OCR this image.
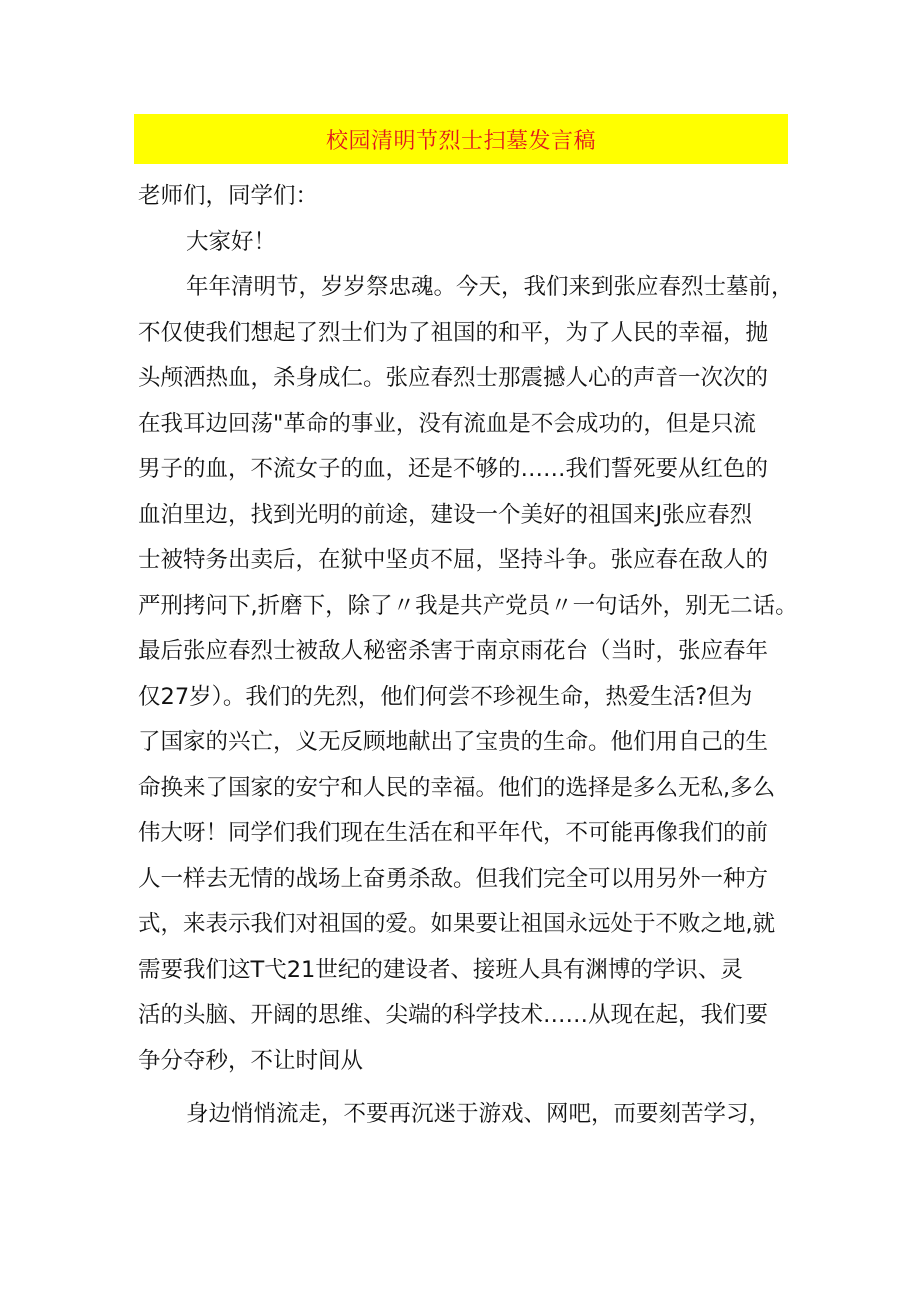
校园清明节烈士扫墓发言稿
老师们，同学们：
大家好！
年年清明节，岁岁祭忠魂。今天，我们来到张应春烈士墓前，
不仅使我们想起了烈士们为了祖国的和平，为了人民的幸福，抛
头颅洒热血，杀身成仁。张应春烈士那震撼人心的声音一次次的
在我耳边回荡"革命的事业，没有流血是不会成功的，但是只流
男子的血，不流女子的血，还是不够的……我们誓死要从红色的
血泊里边，找到光明的前途，建设一个美好的祖国来J张应春烈
士被特务出卖后，在狱中坚贞不屈，坚持斗争。张应春在敌人的
严刑拷问下,折磨下，除了〃我是共产党员〃一句话外，别无二话。
最后张应春烈士被敌人秘密杀害于南京雨花台（当时，张应春年
仅27岁）。我们的先烈，他们何尝不珍视生命，热爱生活?但为
了国家的兴亡，义无反顾地献出了宝贵的生命。他们用自己的生
命换来了国家的安宁和人民的幸福。他们的选择是多么无私,多么
伟大呀！同学们我们现在生活在和平年代，不可能再像我们的前
人一样去无情的战场上奋勇杀敌。但我们完全可以用另外一种方
式，来表示我们对祖国的爱。如果要让祖国永远处于不败之地,就
需要我们这T弋21世纪的建设者、接班人具有渊博的学识、灵
活的头脑、开阔的思维、尖端的科学技术……从现在起，我们要
争分夺秒，不让时间从
身边悄悄流走，不要再沉迷于游戏、网吧，而要刻苦学习，
